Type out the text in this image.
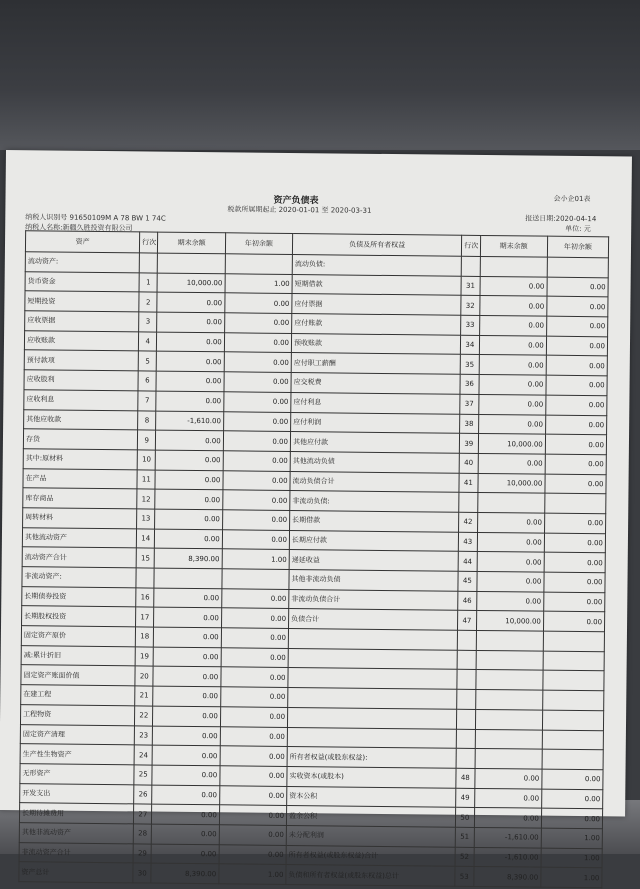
资产负债表	会小企01表
税款所属期起止 2020-01-01 至 2020-03-31
纳税人识别号 91650109M A 78 BW 1 74C
纳税人名称:新疆久胜投资有限公司
报送日期:2020-04-14
单位: 元
资产	行次	期末余额	年初余额	负债及所有者权益	行次	期末余额	年初余额
流动资产:				流动负债:			
货币资金	1	10,000.00	1.00	短期借款	31	0.00	0.00
短期投资	2	0.00	0.00	应付票据	32	0.00	0.00
应收票据	3	0.00	0.00	应付账款	33	0.00	0.00
应收账款	4	0.00	0.00	预收账款	34	0.00	0.00
预付款项	5	0.00	0.00	应付职工薪酬	35	0.00	0.00
应收股利	6	0.00	0.00	应交税费	36	0.00	0.00
应收利息	7	0.00	0.00	应付利息	37	0.00	0.00
其他应收款	8	-1,610.00	0.00	应付利润	38	0.00	0.00
存货	9	0.00	0.00	其他应付款	39	10,000.00	0.00
其中:原材料	10	0.00	0.00	其他流动负债	40	0.00	0.00
在产品	11	0.00	0.00	流动负债合计	41	10,000.00	0.00
库存商品	12	0.00	0.00	非流动负债:			
周转材料	13	0.00	0.00	长期借款	42	0.00	0.00
其他流动资产	14	0.00	0.00	长期应付款	43	0.00	0.00
流动资产合计	15	8,390.00	1.00	递延收益	44	0.00	0.00
非流动资产:				其他非流动负债	45	0.00	0.00
长期债券投资	16	0.00	0.00	非流动负债合计	46	0.00	0.00
长期股权投资	17	0.00	0.00	负债合计	47	10,000.00	0.00
固定资产原价	18	0.00	0.00				
减:累计折旧	19	0.00	0.00				
固定资产账面价值	20	0.00	0.00				
在建工程	21	0.00	0.00				
工程物资	22	0.00	0.00				
固定资产清理	23	0.00	0.00				
生产性生物资产	24	0.00	0.00	所有者权益(或股东权益):			
无形资产	25	0.00	0.00	实收资本(或股本)	48	0.00	0.00
开发支出	26	0.00	0.00	资本公积	49	0.00	0.00
长期待摊费用	27	0.00	0.00	盈余公积	50	0.00	0.00
其他非流动资产	28	0.00	0.00	未分配利润	51	-1,610.00	1.00
非流动资产合计	29	0.00	0.00	所有者权益(或股东权益)合计	52	-1,610.00	1.00
资产总计	30	8,390.00	1.00	负债和所有者权益(或股东权益)总计	53	8,390.00	1.00
